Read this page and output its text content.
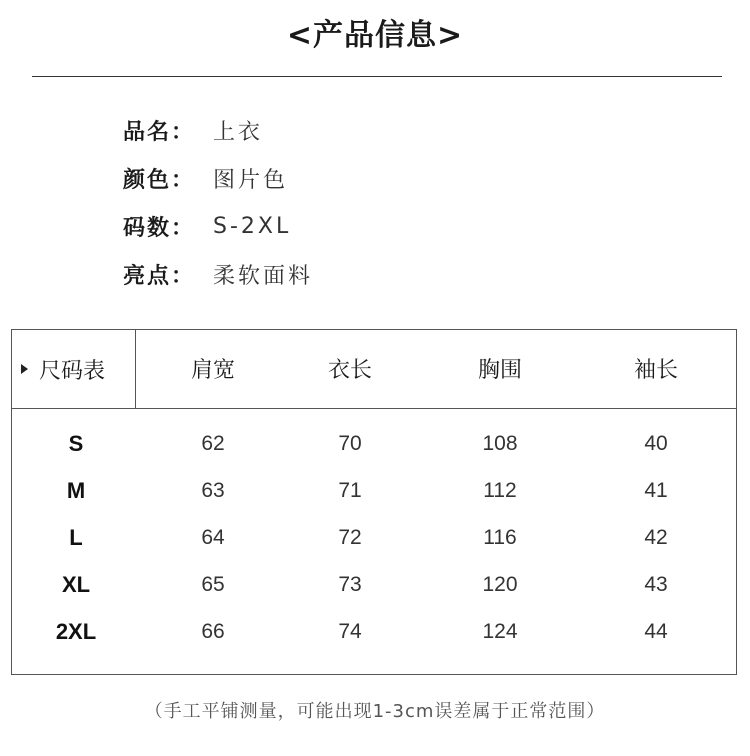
<产品信息>
品名： 上衣
颜色： 图片色
码数： S-2XL
亮点： 柔软面料
尺码表	肩宽	衣长	胸围	袖长
S	62	70	108	40
M	63	71	112	41
L	64	72	116	42
XL	65	73	120	43
2XL	66	74	124	44
（手工平铺测量，可能出现1-3cm误差属于正常范围）
